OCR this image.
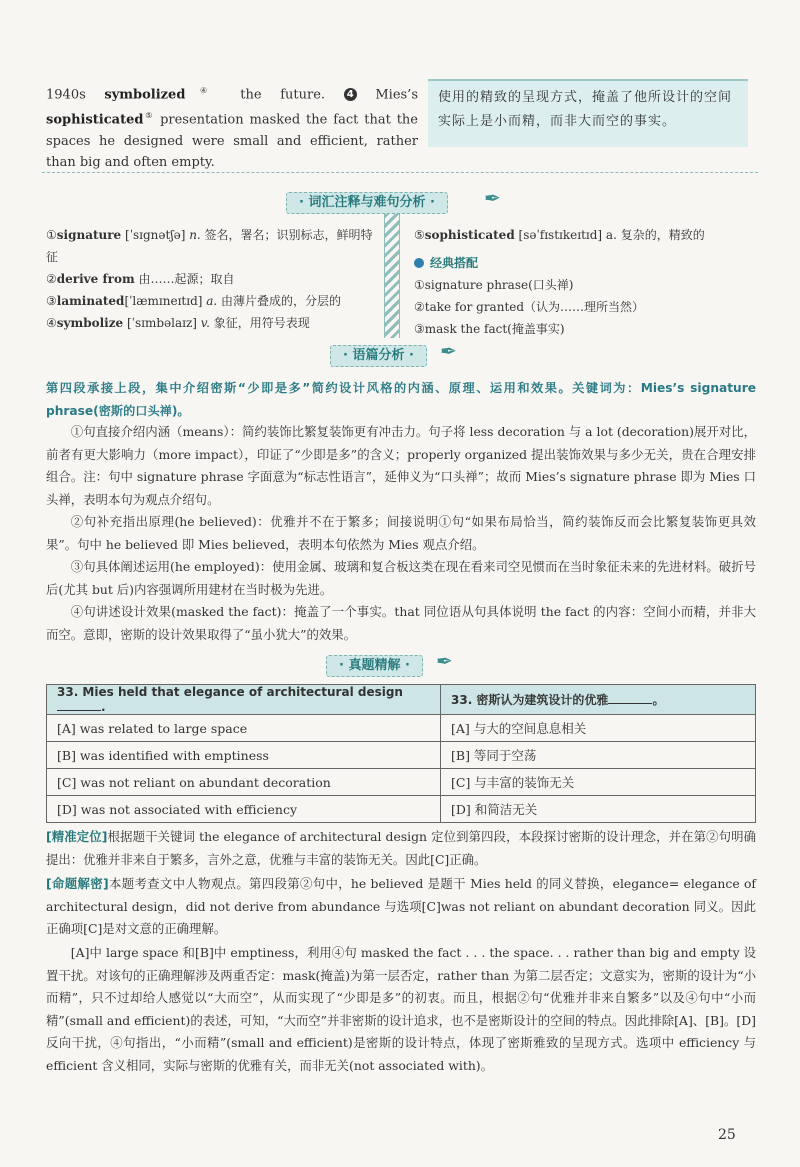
1940s symbolized④ the future. 4 Mies’s sophisticated⑤ presentation masked the fact that the spaces he designed were small and efficient, rather than big and often empty.
使用的精致的呈现方式，掩盖了他所设计的空间实际上是小而精，而非大而空的事实。
· 词汇注释与难句分析 ·	✒
①signature [ˈsɪgnətʃə] n. 签名，署名；识别标志，鲜明特征
②derive from 由……起源；取自
③laminated[ˈlæmɪneɪtɪd] a. 由薄片叠成的，分层的
④symbolize [ˈsɪmbəlaɪz] v. 象征，用符号表现
⑤sophisticated [səˈfɪstɪkeɪtɪd] a. 复杂的，精致的
经典搭配
①signature phrase(口头禅)
②take for granted（认为……理所当然）
③mask the fact(掩盖事实)
· 语篇分析 ·	✒
第四段承接上段，集中介绍密斯“少即是多”简约设计风格的内涵、原理、运用和效果。关键词为：Mies’s signature phrase(密斯的口头禅)。
①句直接介绍内涵（means）：简约装饰比繁复装饰更有冲击力。句子将 less decoration 与 a lot (decoration)展开对比，前者有更大影响力（more impact），印证了“少即是多”的含义；properly organized 提出装饰效果与多少无关，贵在合理安排组合。注：句中 signature phrase 字面意为“标志性语言”，延伸义为“口头禅”；故而 Mies’s signature phrase 即为 Mies 口头禅，表明本句为观点介绍句。
②句补充指出原理(he believed)：优雅并不在于繁多；间接说明①句“如果布局恰当，简约装饰反而会比繁复装饰更具效果”。句中 he believed 即 Mies believed，表明本句依然为 Mies 观点介绍。
③句具体阐述运用(he employed)：使用金属、玻璃和复合板这类在现在看来司空见惯而在当时象征未来的先进材料。破折号后(尤其 but 后)内容强调所用建材在当时极为先进。
④句讲述设计效果(masked the fact)：掩盖了一个事实。that 同位语从句具体说明 the fact 的内容：空间小而精，并非大而空。意即，密斯的设计效果取得了“虽小犹大”的效果。
· 真题精解 ·	✒
33. Mies held that elegance of architectural design .	33. 密斯认为建筑设计的优雅 。
[A] was related to large space	[A] 与大的空间息息相关
[B] was identified with emptiness	[B] 等同于空荡
[C] was not reliant on abundant decoration	[C] 与丰富的装饰无关
[D] was not associated with efficiency	[D] 和简洁无关
[精准定位]根据题干关键词 the elegance of architectural design 定位到第四段，本段探讨密斯的设计理念，并在第②句明确提出：优雅并非来自于繁多，言外之意，优雅与丰富的装饰无关。因此[C]正确。
[命题解密]本题考查文中人物观点。第四段第②句中，he believed 是题干 Mies held 的同义替换，elegance= elegance of architectural design，did not derive from abundance 与选项[C]was not reliant on abundant decoration 同义。因此正确项[C]是对文意的正确理解。
[A]中 large space 和[B]中 emptiness，利用④句 masked the fact . . . the space. . . rather than big and empty 设置干扰。对该句的正确理解涉及两重否定：mask(掩盖)为第一层否定，rather than 为第二层否定；文意实为，密斯的设计为“小而精”，只不过却给人感觉以“大而空”，从而实现了“少即是多”的初衷。而且，根据②句“优雅并非来自繁多”以及④句中“小而精”(small and efficient)的表述，可知，“大而空”并非密斯的设计追求，也不是密斯设计的空间的特点。因此排除[A]、[B]。[D]反向干扰，④句指出，“小而精”(small and efficient)是密斯的设计特点，体现了密斯雅致的呈现方式。选项中 efficiency 与 efficient 含义相同，实际与密斯的优雅有关，而非无关(not associated with)。
25
